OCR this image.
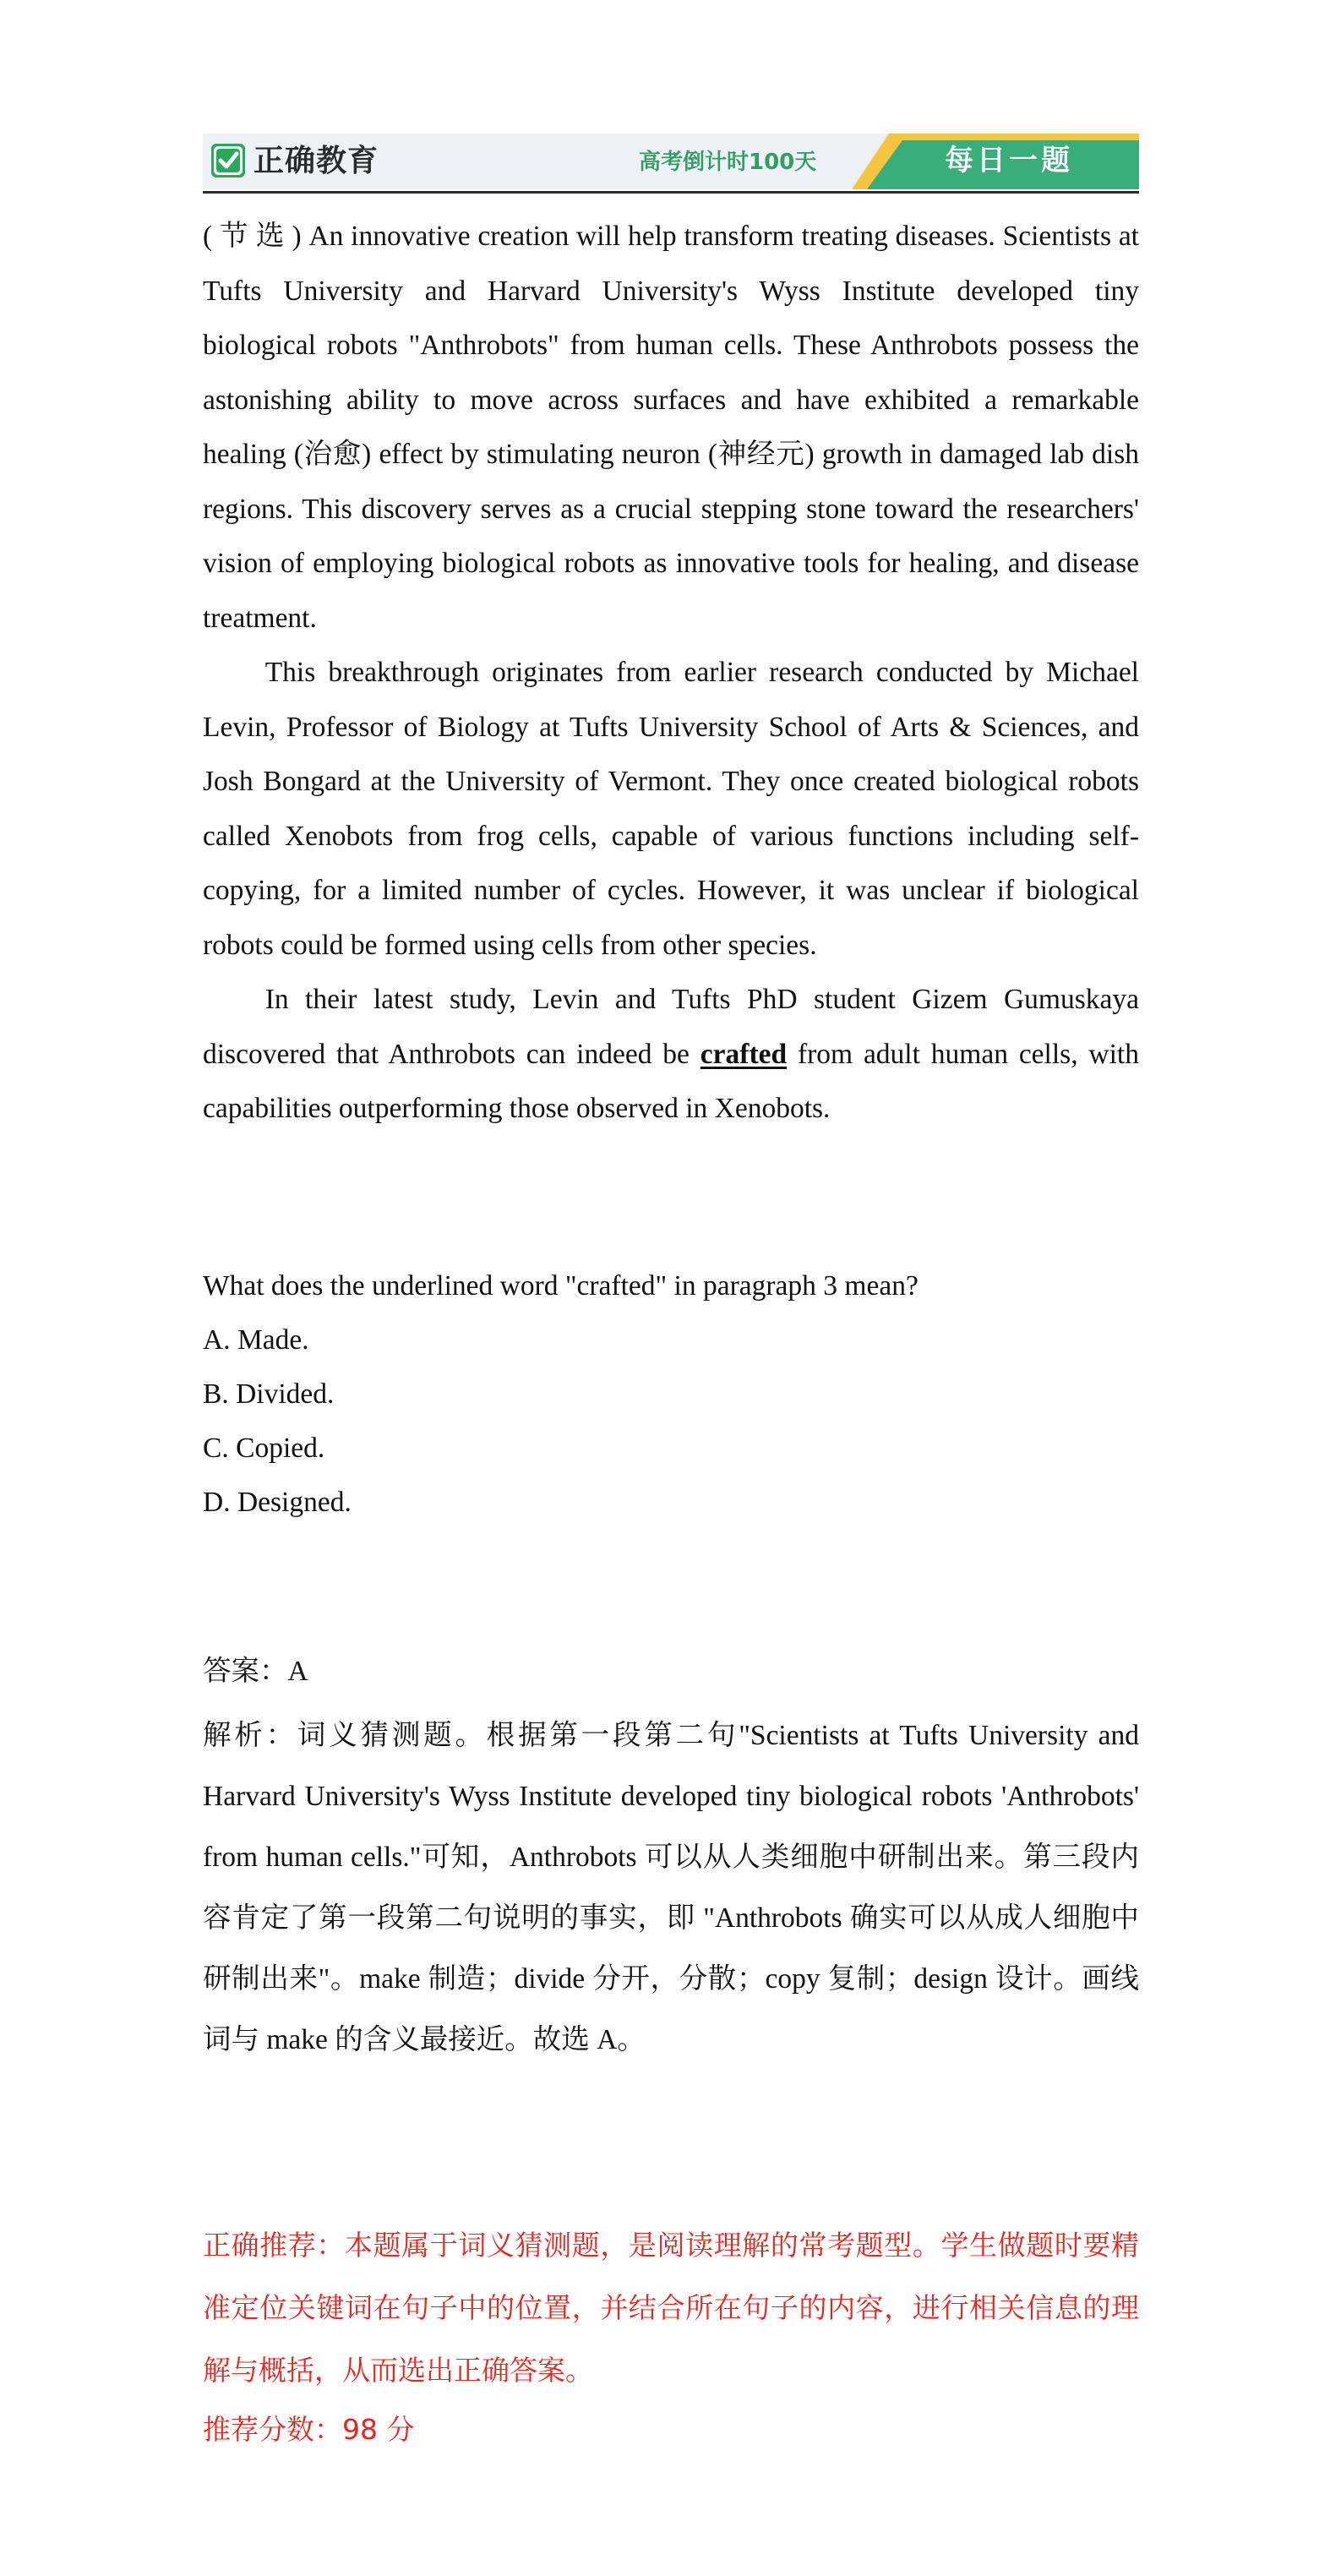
正确教育	高考倒计时100天	每日一题

( 节 选 ) An innovative creation will help transform treating diseases. Scientists at Tufts University and Harvard University's Wyss Institute developed tiny biological robots "Anthrobots" from human cells. These Anthrobots possess the astonishing ability to move across surfaces and have exhibited a remarkable healing (治愈) effect by stimulating neuron (神经元) growth in damaged lab dish regions. This discovery serves as a crucial stepping stone toward the researchers' vision of employing biological robots as innovative tools for healing, and disease treatment.

This breakthrough originates from earlier research conducted by Michael Levin, Professor of Biology at Tufts University School of Arts & Sciences, and Josh Bongard at the University of Vermont. They once created biological robots called Xenobots from frog cells, capable of various functions including self-copying, for a limited number of cycles. However, it was unclear if biological robots could be formed using cells from other species.

In their latest study, Levin and Tufts PhD student Gizem Gumuskaya discovered that Anthrobots can indeed be crafted from adult human cells, with capabilities outperforming those observed in Xenobots.

What does the underlined word "crafted" in paragraph 3 mean?
A. Made.
B. Divided.
C. Copied.
D. Designed.
答案：A

解析：词义猜测题。根据第一段第二句"Scientists at Tufts University and Harvard University's Wyss Institute developed tiny biological robots 'Anthrobots' from human cells."可知，Anthrobots 可以从人类细胞中研制出来。第三段内容肯定了第一段第二句说明的事实，即 "Anthrobots 确实可以从成人细胞中研制出来"。make 制造；divide 分开，分散；copy 复制；design 设计。画线词与 make 的含义最接近。故选 A。

正确推荐：本题属于词义猜测题，是阅读理解的常考题型。学生做题时要精准定位关键词在句子中的位置，并结合所在句子的内容，进行相关信息的理解与概括，从而选出正确答案。
推荐分数：98 分
